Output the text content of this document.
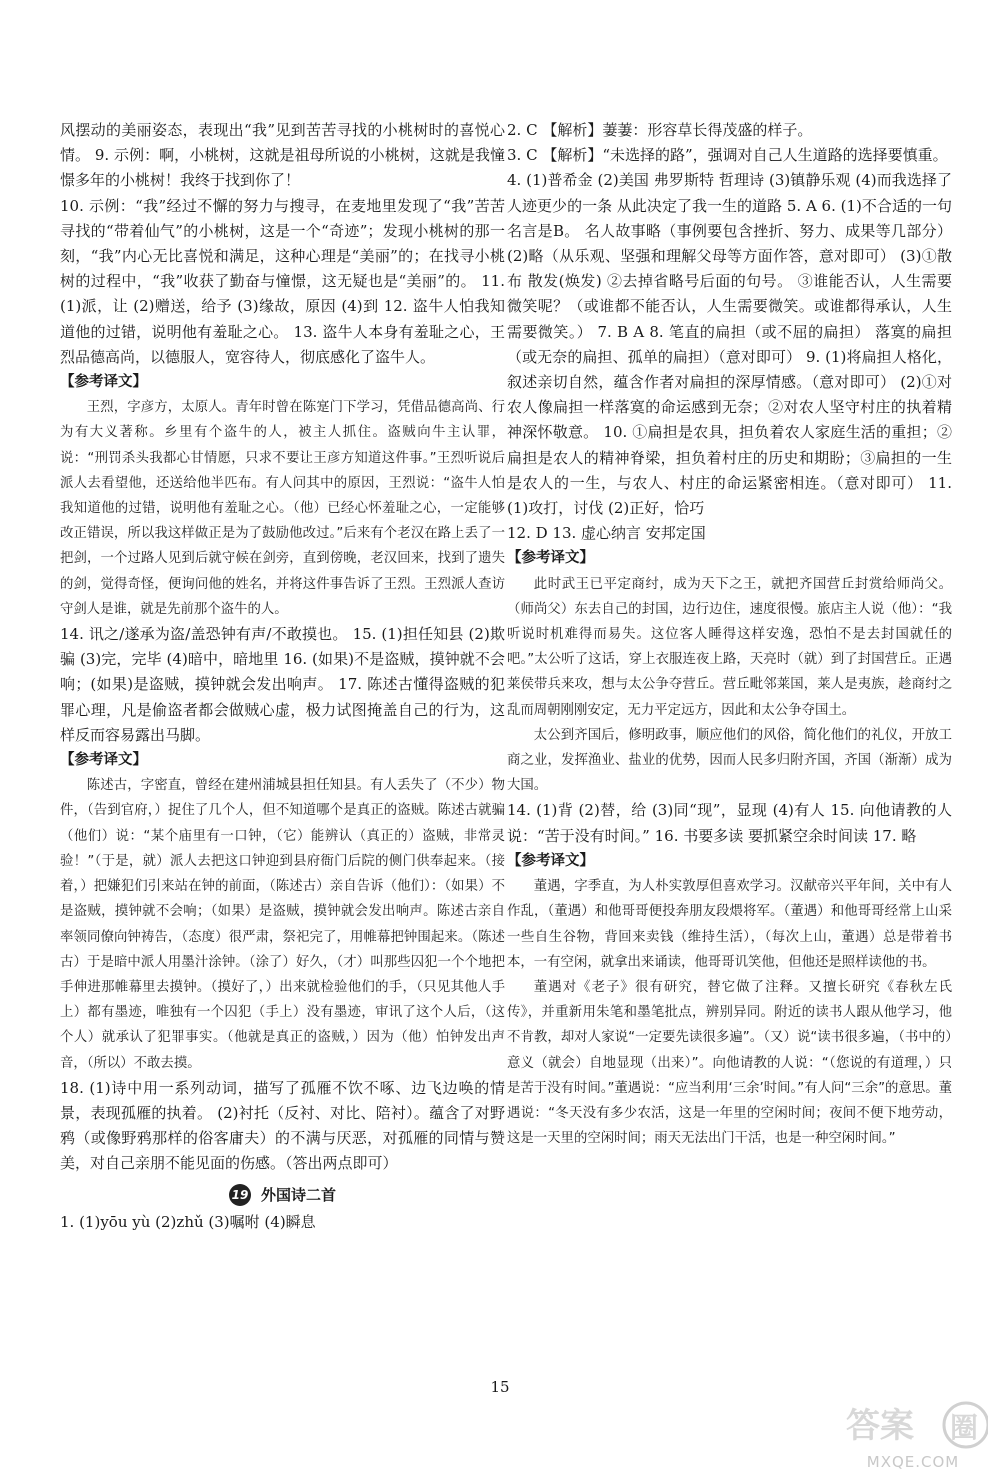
风摆动的美丽姿态，表现出“我”见到苦苦寻找的小桃树时的喜悦心情。 9. 示例：啊，小桃树，这就是祖母所说的小桃树，这就是我憧憬多年的小桃树！我终于找到你了！

10. 示例：“我”经过不懈的努力与搜寻，在麦地里发现了“我”苦苦寻找的“带着仙气”的小桃树，这是一个“奇迹”；发现小桃树的那一刻，“我”内心无比喜悦和满足，这种心理是“美丽”的；在找寻小桃树的过程中，“我”收获了勤奋与憧憬，这无疑也是“美丽”的。 11. (1)派，让 (2)赠送，给予 (3)缘故，原因 (4)到 12. 盗牛人怕我知道他的过错，说明他有羞耻之心。 13. 盗牛人本身有羞耻之心，王烈品德高尚，以德服人，宽容待人，彻底感化了盗牛人。

【参考译文】

王烈，字彦方，太原人。青年时曾在陈寔门下学习，凭借品德高尚、行为有大义著称。乡里有个盗牛的人，被主人抓住。盗贼向牛主认罪，说：“刑罚杀头我都心甘情愿，只求不要让王彦方知道这件事。”王烈听说后派人去看望他，还送给他半匹布。有人问其中的原因，王烈说：“盗牛人怕我知道他的过错，说明他有羞耻之心。（他）已经心怀羞耻之心，一定能够改正错误，所以我这样做正是为了鼓励他改过。”后来有个老汉在路上丢了一把剑，一个过路人见到后就守候在剑旁，直到傍晚，老汉回来，找到了遗失的剑，觉得奇怪，便询问他的姓名，并将这件事告诉了王烈。王烈派人查访守剑人是谁，就是先前那个盗牛的人。

14. 讯之/遂承为盗/盖恐钟有声/不敢摸也。 15. (1)担任知县 (2)欺骗 (3)完，完毕 (4)暗中，暗地里 16. (如果)不是盗贼，摸钟就不会响；(如果)是盗贼，摸钟就会发出响声。 17. 陈述古懂得盗贼的犯罪心理，凡是偷盗者都会做贼心虚，极力试图掩盖自己的行为，这样反而容易露出马脚。

【参考译文】

陈述古，字密直，曾经在建州浦城县担任知县。有人丢失了（不少）物件，（告到官府，）捉住了几个人，但不知道哪个是真正的盗贼。陈述古就骗（他们）说：“某个庙里有一口钟，（它）能辨认（真正的）盗贼，非常灵验！”（于是，就）派人去把这口钟迎到县府衙门后院的侧门供奉起来。（接着，）把嫌犯们引来站在钟的前面，（陈述古）亲自告诉（他们）：（如果）不是盗贼，摸钟就不会响；（如果）是盗贼，摸钟就会发出响声。陈述古亲自率领同僚向钟祷告，（态度）很严肃，祭祀完了，用帷幕把钟围起来。（陈述古）于是暗中派人用墨汁涂钟。（涂了）好久，（才）叫那些囚犯一个个地把手伸进那帷幕里去摸钟。（摸好了，）出来就检验他们的手，（只见其他人手上）都有墨迹，唯独有一个囚犯（手上）没有墨迹，审讯了这个人后，（这个人）就承认了犯罪事实。（他就是真正的盗贼，）因为（他）怕钟发出声音，（所以）不敢去摸。

18. (1)诗中用一系列动词，描写了孤雁不饮不啄、边飞边唤的情景，表现孤雁的执着。 (2)衬托（反衬、对比、陪衬）。蕴含了对野鸦（或像野鸦那样的俗客庸夫）的不满与厌恶，对孤雁的同情与赞美，对自己亲朋不能见面的伤感。（答出两点即可）

19 外国诗二首

1. (1)yōu yù (2)zhǔ (3)嘱咐 (4)瞬息

2. C 【解析】萋萋：形容草长得茂盛的样子。

3. C 【解析】“未选择的路”，强调对自己人生道路的选择要慎重。

4. (1)普希金 (2)美国 弗罗斯特 哲理诗 (3)镇静乐观 (4)而我选择了人迹更少的一条 从此决定了我一生的道路 5. A 6. (1)不合适的一句名言是B。 名人故事略（事例要包含挫折、努力、成果等几部分） (2)略（从乐观、坚强和理解父母等方面作答，意对即可） (3)①散布 散发(焕发) ②去掉省略号后面的句号。 ③谁能否认，人生需要微笑呢？（或谁都不能否认，人生需要微笑。或谁都得承认，人生需要微笑。） 7. B A 8. 笔直的扁担（或不屈的扁担） 落寞的扁担（或无奈的扁担、孤单的扁担）（意对即可） 9. (1)将扁担人格化，叙述亲切自然，蕴含作者对扁担的深厚情感。（意对即可） (2)①对农人像扁担一样落寞的命运感到无奈；②对农人坚守村庄的执着精神深怀敬意。 10. ①扁担是农具，担负着农人家庭生活的重担；②扁担是农人的精神脊梁，担负着村庄的历史和期盼；③扁担的一生是农人的一生，与农人、村庄的命运紧密相连。（意对即可） 11. (1)攻打，讨伐 (2)正好，恰巧

12. D 13. 虚心纳言 安邦定国

【参考译文】

此时武王已平定商纣，成为天下之王，就把齐国营丘封赏给师尚父。（师尚父）东去自己的封国，边行边住，速度很慢。旅店主人说（他）：“我听说时机难得而易失。这位客人睡得这样安逸，恐怕不是去封国就任的吧。”太公听了这话，穿上衣服连夜上路，天亮时（就）到了封国营丘。正遇莱侯带兵来攻，想与太公争夺营丘。营丘毗邻莱国，莱人是夷族，趁商纣之乱而周朝刚刚安定，无力平定远方，因此和太公争夺国土。

太公到齐国后，修明政事，顺应他们的风俗，简化他们的礼仪，开放工商之业，发挥渔业、盐业的优势，因而人民多归附齐国，齐国（渐渐）成为大国。

14. (1)背 (2)替，给 (3)同“现”，显现 (4)有人 15. 向他请教的人说：“苦于没有时间。” 16. 书要多读 要抓紧空余时间读 17. 略

【参考译文】

董遇，字季直，为人朴实敦厚但喜欢学习。汉献帝兴平年间，关中有人作乱，（董遇）和他哥哥便投奔朋友段煨将军。（董遇）和他哥哥经常上山采一些自生谷物，背回来卖钱（维持生活），（每次上山，董遇）总是带着书本，一有空闲，就拿出来诵读，他哥哥讥笑他，但他还是照样读他的书。

董遇对《老子》很有研究，替它做了注释。又擅长研究《春秋左氏传》，并重新用朱笔和墨笔批点，辨别异同。附近的读书人跟从他学习，他不肯教，却对人家说“一定要先读很多遍”。（又）说“读书很多遍，（书中的）意义（就会）自地显现（出来）”。向他请教的人说：“（您说的有道理，）只是苦于没有时间。”董遇说：“应当利用‘三余’时间。”有人问“三余”的意思。董遇说：“冬天没有多少农活，这是一年里的空闲时间；夜间不便下地劳动，这是一天里的空闲时间；雨天无法出门干活，也是一种空闲时间。”

15
答案 圈
MXQE.COM
